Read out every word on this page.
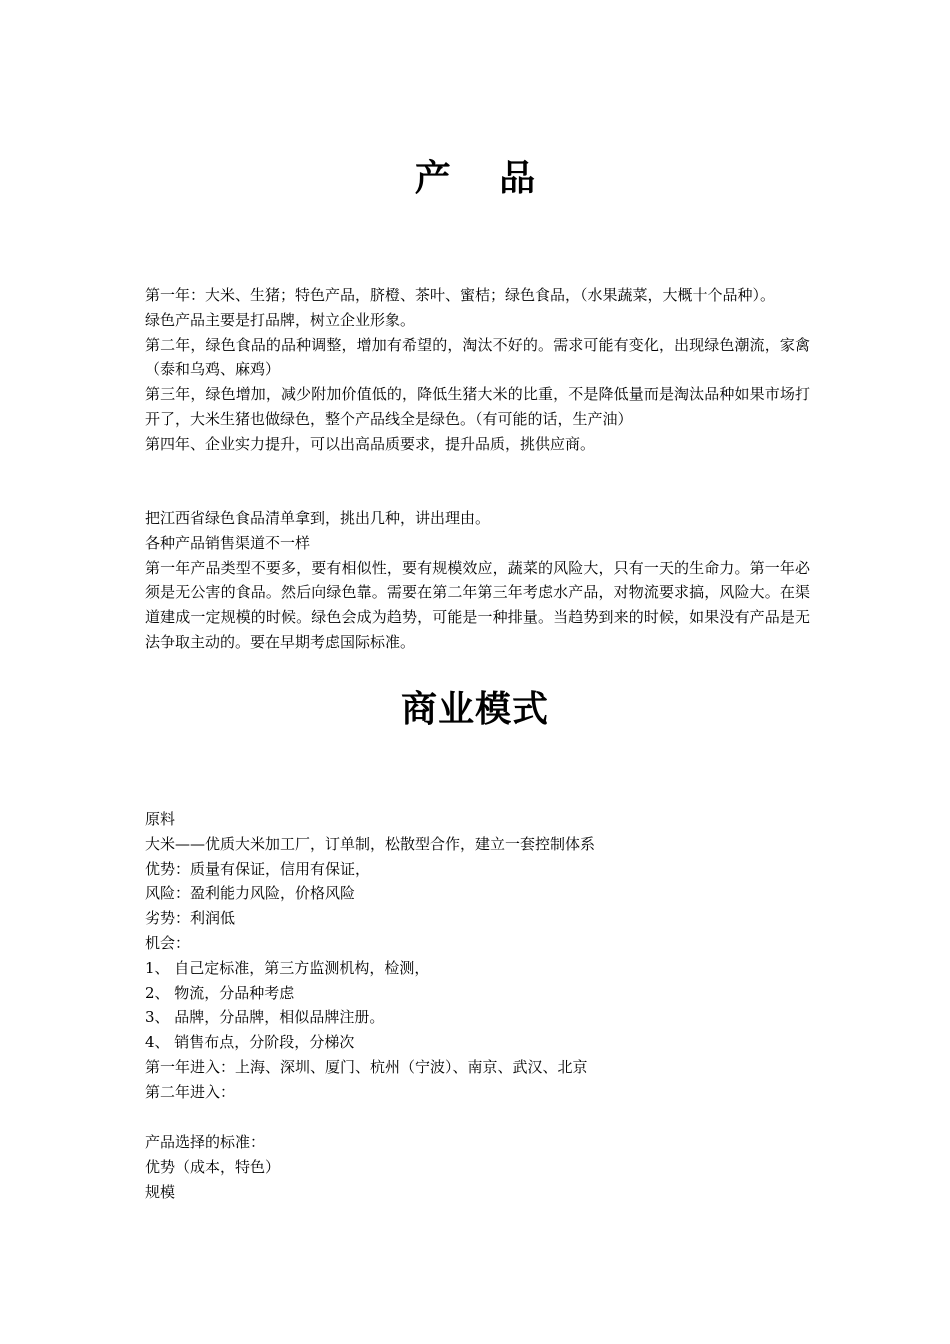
产 品

第一年：大米、生猪；特色产品，脐橙、茶叶、蜜桔；绿色食品，（水果蔬菜，大概十个品种）。

绿色产品主要是打品牌，树立企业形象。

第二年，绿色食品的品种调整，增加有希望的，淘汰不好的。需求可能有变化，出现绿色潮流，家禽（泰和乌鸡、麻鸡）

第三年，绿色增加，减少附加价值低的，降低生猪大米的比重，不是降低量而是淘汰品种如果市场打开了，大米生猪也做绿色，整个产品线全是绿色。（有可能的话，生产油）

第四年、企业实力提升，可以出高品质要求，提升品质，挑供应商。

把江西省绿色食品清单拿到，挑出几种，讲出理由。

各种产品销售渠道不一样

第一年产品类型不要多，要有相似性，要有规模效应，蔬菜的风险大，只有一天的生命力。第一年必须是无公害的食品。然后向绿色靠。需要在第二年第三年考虑水产品，对物流要求搞，风险大。在渠道建成一定规模的时候。绿色会成为趋势，可能是一种排量。当趋势到来的时候，如果没有产品是无法争取主动的。要在早期考虑国际标准。

商业模式
原料
大米——优质大米加工厂，订单制，松散型合作，建立一套控制体系
优势：质量有保证，信用有保证，
风险：盈利能力风险，价格风险
劣势：利润低
机会：
1、 自己定标准，第三方监测机构，检测，
2、 物流，分品种考虑
3、 品牌，分品牌，相似品牌注册。
4、 销售布点，分阶段，分梯次
第一年进入：上海、深圳、厦门、杭州（宁波）、南京、武汉、北京
第二年进入：
产品选择的标准：
优势（成本，特色）
规模
